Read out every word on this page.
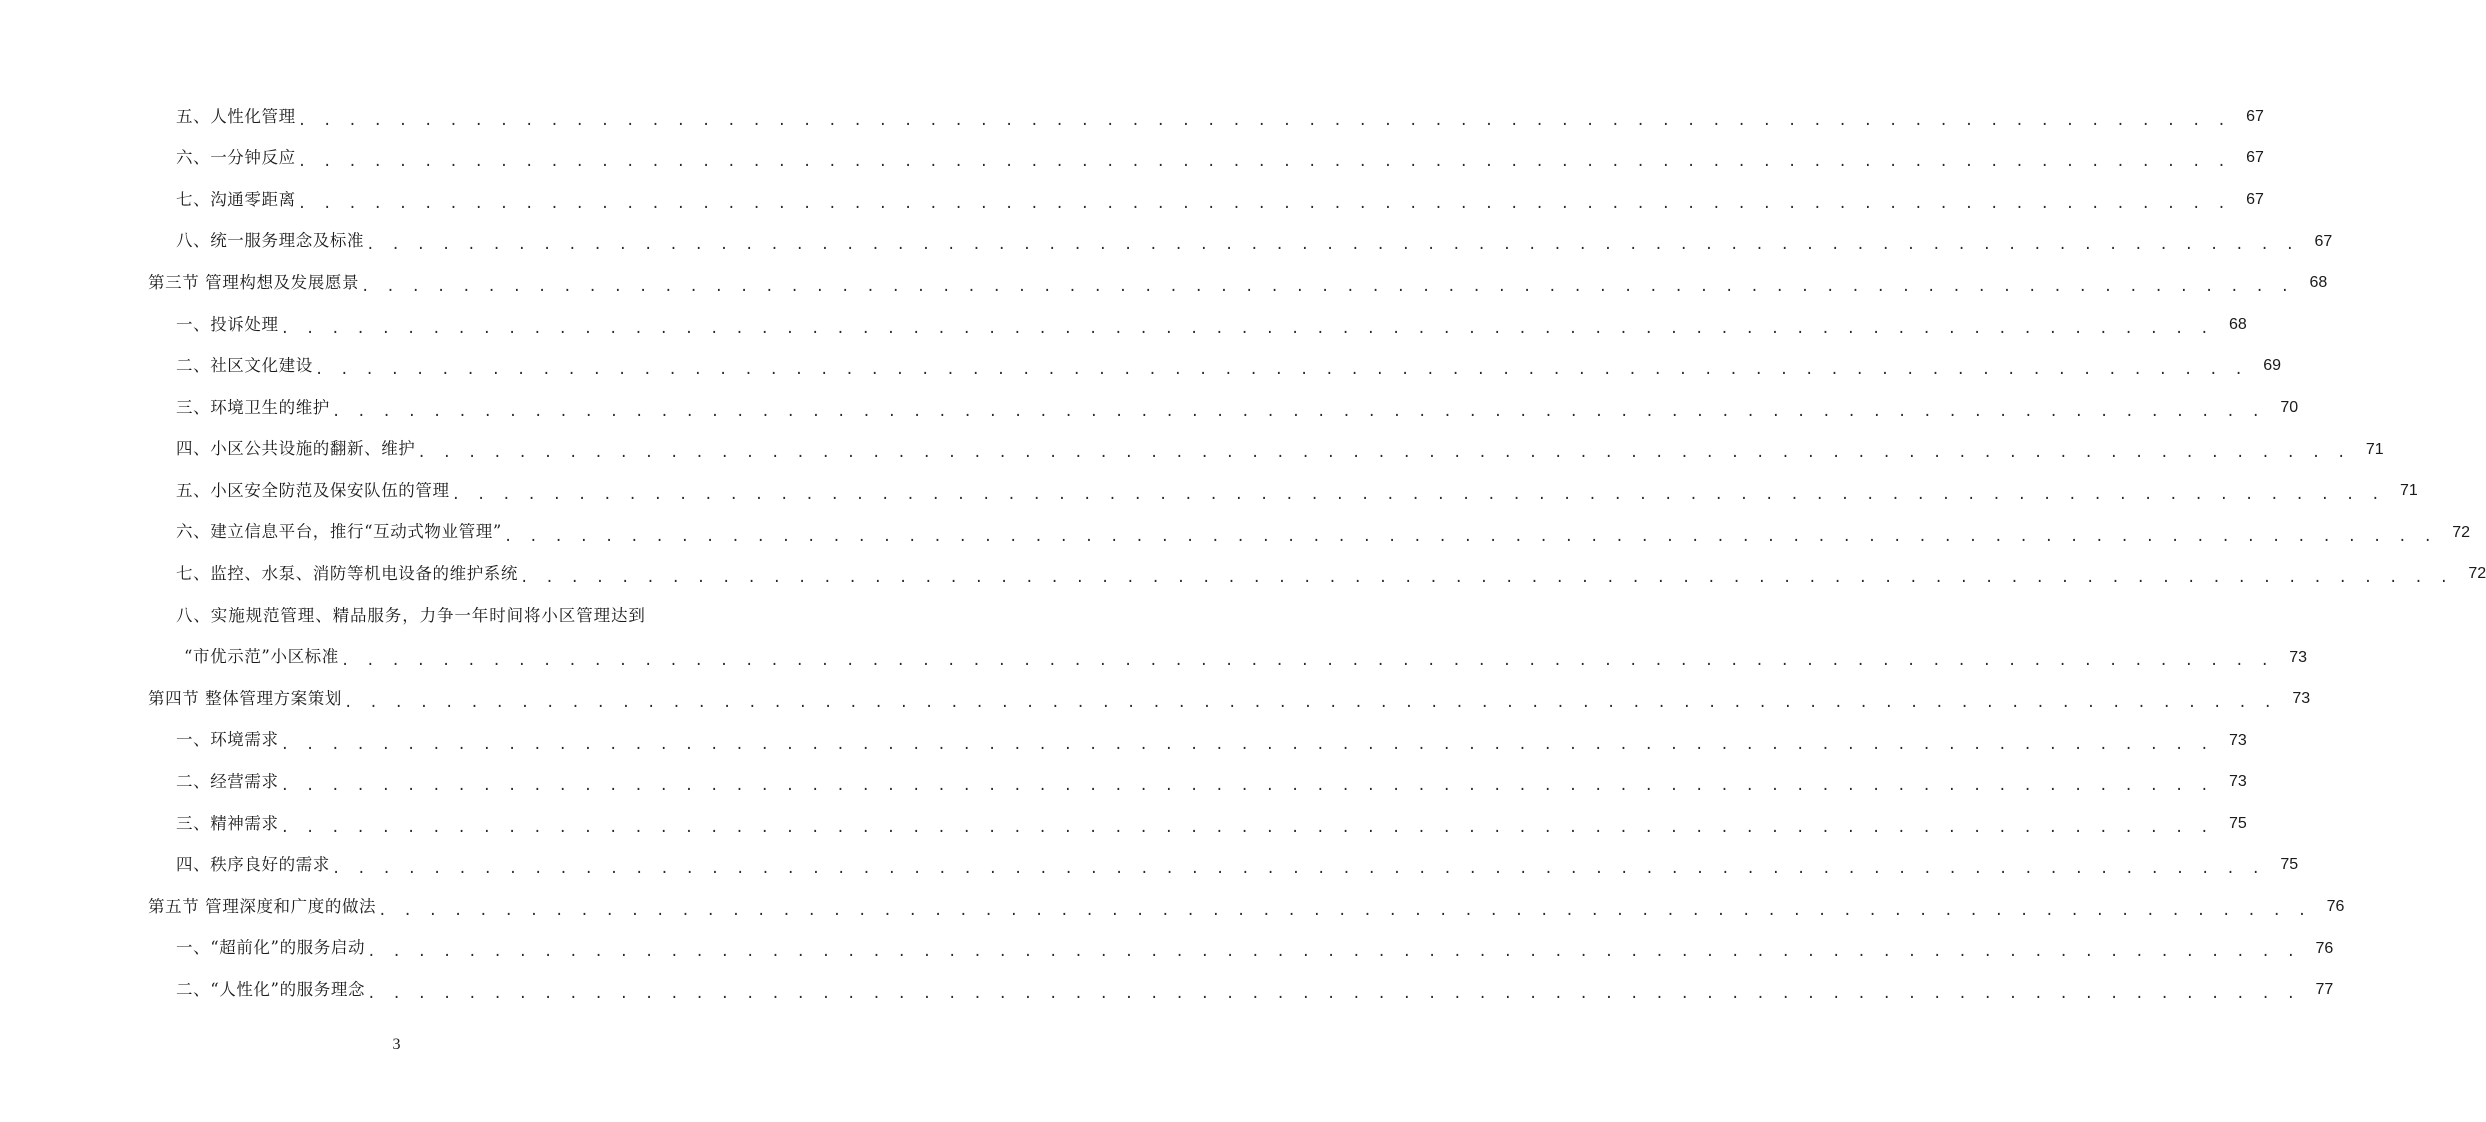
五、人性化管理 . . . . . . . . . . . . . . . . . . . . . . . . . . . . . . . . . . . . . . . . . . . . . . . . . . . . . . . . . . . . . . . . . . . . . . . . . . . . .	67
六、一分钟反应 . . . . . . . . . . . . . . . . . . . . . . . . . . . . . . . . . . . . . . . . . . . . . . . . . . . . . . . . . . . . . . . . . . . . . . . . . . . . .	67
七、沟通零距离 . . . . . . . . . . . . . . . . . . . . . . . . . . . . . . . . . . . . . . . . . . . . . . . . . . . . . . . . . . . . . . . . . . . . . . . . . . . . .	67
八、统一服务理念及标准 . . . . . . . . . . . . . . . . . . . . . . . . . . . . . . . . . . . . . . . . . . . . . . . . . . . . . . . . . . . . . . . . . . . . . . . . . . . . .	67
第三节 管理构想及发展愿景 . . . . . . . . . . . . . . . . . . . . . . . . . . . . . . . . . . . . . . . . . . . . . . . . . . . . . . . . . . . . . . . . . . . . . . . . . . . . .	68
一、投诉处理 . . . . . . . . . . . . . . . . . . . . . . . . . . . . . . . . . . . . . . . . . . . . . . . . . . . . . . . . . . . . . . . . . . . . . . . . . . . . .	68
二、社区文化建设 . . . . . . . . . . . . . . . . . . . . . . . . . . . . . . . . . . . . . . . . . . . . . . . . . . . . . . . . . . . . . . . . . . . . . . . . . . . . .	69
三、环境卫生的维护 . . . . . . . . . . . . . . . . . . . . . . . . . . . . . . . . . . . . . . . . . . . . . . . . . . . . . . . . . . . . . . . . . . . . . . . . . . . . .	70
四、小区公共设施的翻新、维护 . . . . . . . . . . . . . . . . . . . . . . . . . . . . . . . . . . . . . . . . . . . . . . . . . . . . . . . . . . . . . . . . . . . . . . . . . . . . .	71
五、小区安全防范及保安队伍的管理 . . . . . . . . . . . . . . . . . . . . . . . . . . . . . . . . . . . . . . . . . . . . . . . . . . . . . . . . . . . . . . . . . . . . . . . . . . . . .	71
六、建立信息平台，推行“互动式物业管理” . . . . . . . . . . . . . . . . . . . . . . . . . . . . . . . . . . . . . . . . . . . . . . . . . . . . . . . . . . . . . . . . . . . . . . . . . . . . .	72
七、监控、水泵、消防等机电设备的维护系统 . . . . . . . . . . . . . . . . . . . . . . . . . . . . . . . . . . . . . . . . . . . . . . . . . . . . . . . . . . . . . . . . . . . . . . . . . . . . .	72
八、实施规范管理、精品服务，力争一年时间将小区管理达到
“市优示范”小区标准 . . . . . . . . . . . . . . . . . . . . . . . . . . . . . . . . . . . . . . . . . . . . . . . . . . . . . . . . . . . . . . . . . . . . . . . . . . . . .	73
第四节 整体管理方案策划 . . . . . . . . . . . . . . . . . . . . . . . . . . . . . . . . . . . . . . . . . . . . . . . . . . . . . . . . . . . . . . . . . . . . . . . . . . . . .	73
一、环境需求 . . . . . . . . . . . . . . . . . . . . . . . . . . . . . . . . . . . . . . . . . . . . . . . . . . . . . . . . . . . . . . . . . . . . . . . . . . . . .	73
二、经营需求 . . . . . . . . . . . . . . . . . . . . . . . . . . . . . . . . . . . . . . . . . . . . . . . . . . . . . . . . . . . . . . . . . . . . . . . . . . . . .	73
三、精神需求 . . . . . . . . . . . . . . . . . . . . . . . . . . . . . . . . . . . . . . . . . . . . . . . . . . . . . . . . . . . . . . . . . . . . . . . . . . . . .	75
四、秩序良好的需求 . . . . . . . . . . . . . . . . . . . . . . . . . . . . . . . . . . . . . . . . . . . . . . . . . . . . . . . . . . . . . . . . . . . . . . . . . . . . .	75
第五节 管理深度和广度的做法 . . . . . . . . . . . . . . . . . . . . . . . . . . . . . . . . . . . . . . . . . . . . . . . . . . . . . . . . . . . . . . . . . . . . . . . . . . . . .	76
一、“超前化”的服务启动 . . . . . . . . . . . . . . . . . . . . . . . . . . . . . . . . . . . . . . . . . . . . . . . . . . . . . . . . . . . . . . . . . . . . . . . . . . . . .	76
二、“人性化”的服务理念 . . . . . . . . . . . . . . . . . . . . . . . . . . . . . . . . . . . . . . . . . . . . . . . . . . . . . . . . . . . . . . . . . . . . . . . . . . . . .	77
3
